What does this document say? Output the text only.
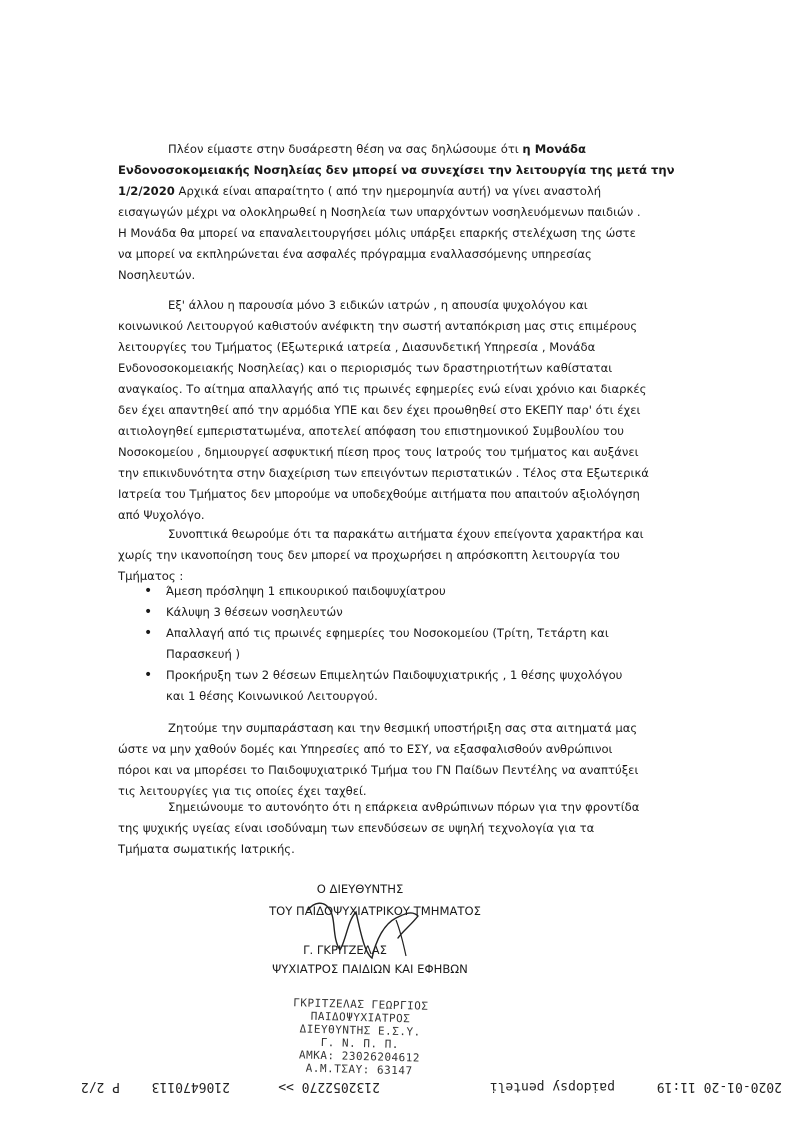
Πλέον είμαστε στην δυσάρεστη θέση να σας δηλώσουμε ότι η Μονάδα
Ενδονοσοκομειακής Νοσηλείας δεν μπορεί να συνεχίσει την λειτουργία της μετά την
1/2/2020 Αρχικά είναι απαραίτητο ( από την ημερομηνία αυτή) να γίνει αναστολή
εισαγωγών μέχρι να ολοκληρωθεί η Νοσηλεία των υπαρχόντων νοσηλευόμενων παιδιών .
Η Μονάδα θα μπορεί να επαναλειτουργήσει μόλις υπάρξει επαρκής στελέχωση της ώστε
να μπορεί να εκπληρώνεται ένα ασφαλές πρόγραμμα εναλλασσόμενης υπηρεσίας
Νοσηλευτών.
Εξ' άλλου η παρουσία μόνο 3 ειδικών ιατρών , η απουσία ψυχολόγου και
κοινωνικού Λειτουργού καθιστούν ανέφικτη την σωστή ανταπόκριση μας στις επιμέρους
λειτουργίες του Τμήματος (Εξωτερικά ιατρεία , Διασυνδετική Υπηρεσία , Μονάδα
Ενδονοσοκομειακής Νοσηλείας) και ο περιορισμός των δραστηριοτήτων καθίσταται
αναγκαίος. Το αίτημα απαλλαγής από τις πρωινές εφημερίες ενώ είναι χρόνιο και διαρκές
δεν έχει απαντηθεί από την αρμόδια ΥΠΕ και δεν έχει προωθηθεί στο ΕΚΕΠΥ παρ' ότι έχει
αιτιολογηθεί εμπεριστατωμένα, αποτελεί απόφαση του επιστημονικού Συμβουλίου του
Νοσοκομείου , δημιουργεί ασφυκτική πίεση προς τους Ιατρούς του τμήματος και αυξάνει
την επικινδυνότητα στην διαχείριση των επειγόντων περιστατικών . Τέλος στα Εξωτερικά
Ιατρεία του Τμήματος δεν μπορούμε να υποδεχθούμε αιτήματα που απαιτούν αξιολόγηση
από Ψυχολόγο.
Συνοπτικά θεωρούμε ότι τα παρακάτω αιτήματα έχουν επείγοντα χαρακτήρα και
χωρίς την ικανοποίηση τους δεν μπορεί να προχωρήσει η απρόσκοπτη λειτουργία του
Τμήματος :
• Άμεση πρόσληψη 1 επικουρικού παιδοψυχίατρου
• Κάλυψη 3 θέσεων νοσηλευτών
• Απαλλαγή από τις πρωινές εφημερίες του Νοσοκομείου (Τρίτη, Τετάρτη και
Παρασκευή )
• Προκήρυξη των 2 θέσεων Επιμελητών Παιδοψυχιατρικής , 1 θέσης ψυχολόγου
και 1 θέσης Κοινωνικού Λειτουργού.
Ζητούμε την συμπαράσταση και την θεσμική υποστήριξη σας στα αιτηματά μας
ώστε να μην χαθούν δομές και Υπηρεσίες από το ΕΣΥ, να εξασφαλισθούν ανθρώπινοι
πόροι και να μπορέσει το Παιδοψυχιατρικό Τμήμα του ΓΝ Παίδων Πεντέλης να αναπτύξει
τις λειτουργίες για τις οποίες έχει ταχθεί.
Σημειώνουμε το αυτονόητο ότι η επάρκεια ανθρώπινων πόρων για την φροντίδα
της ψυχικής υγείας είναι ισοδύναμη των επενδύσεων σε υψηλή τεχνολογία για τα
Τμήματα σωματικής Ιατρικής.
Ο ΔΙΕΥΘΥΝΤΗΣ
ΤΟΥ ΠΑΙΔΟΨΥΧΙΑΤΡΙΚΟΥ ΤΜΗΜΑΤΟΣ
Γ. ΓΚΡΙΤΖΕΛΑΣ
ΨΥΧΙΑΤΡΟΣ ΠΑΙΔΙΩΝ ΚΑΙ ΕΦΗΒΩΝ
ΓΚΡΙΤΖΕΛΑΣ ΓΕΩΡΓΙΟΣ
ΠΑΙΔΟΨΥΧΙΑΤΡΟΣ
ΔΙΕΥΘΥΝΤΗΣ Ε.Σ.Υ.
Γ. Ν. Π. Π.
ΑΜΚΑ: 23026204612
Α.Μ.ΤΣΑΥ: 63147
2020-01-20 11:19
paidopsy penteli
2132052270 >>
2106470113
P 2/2
